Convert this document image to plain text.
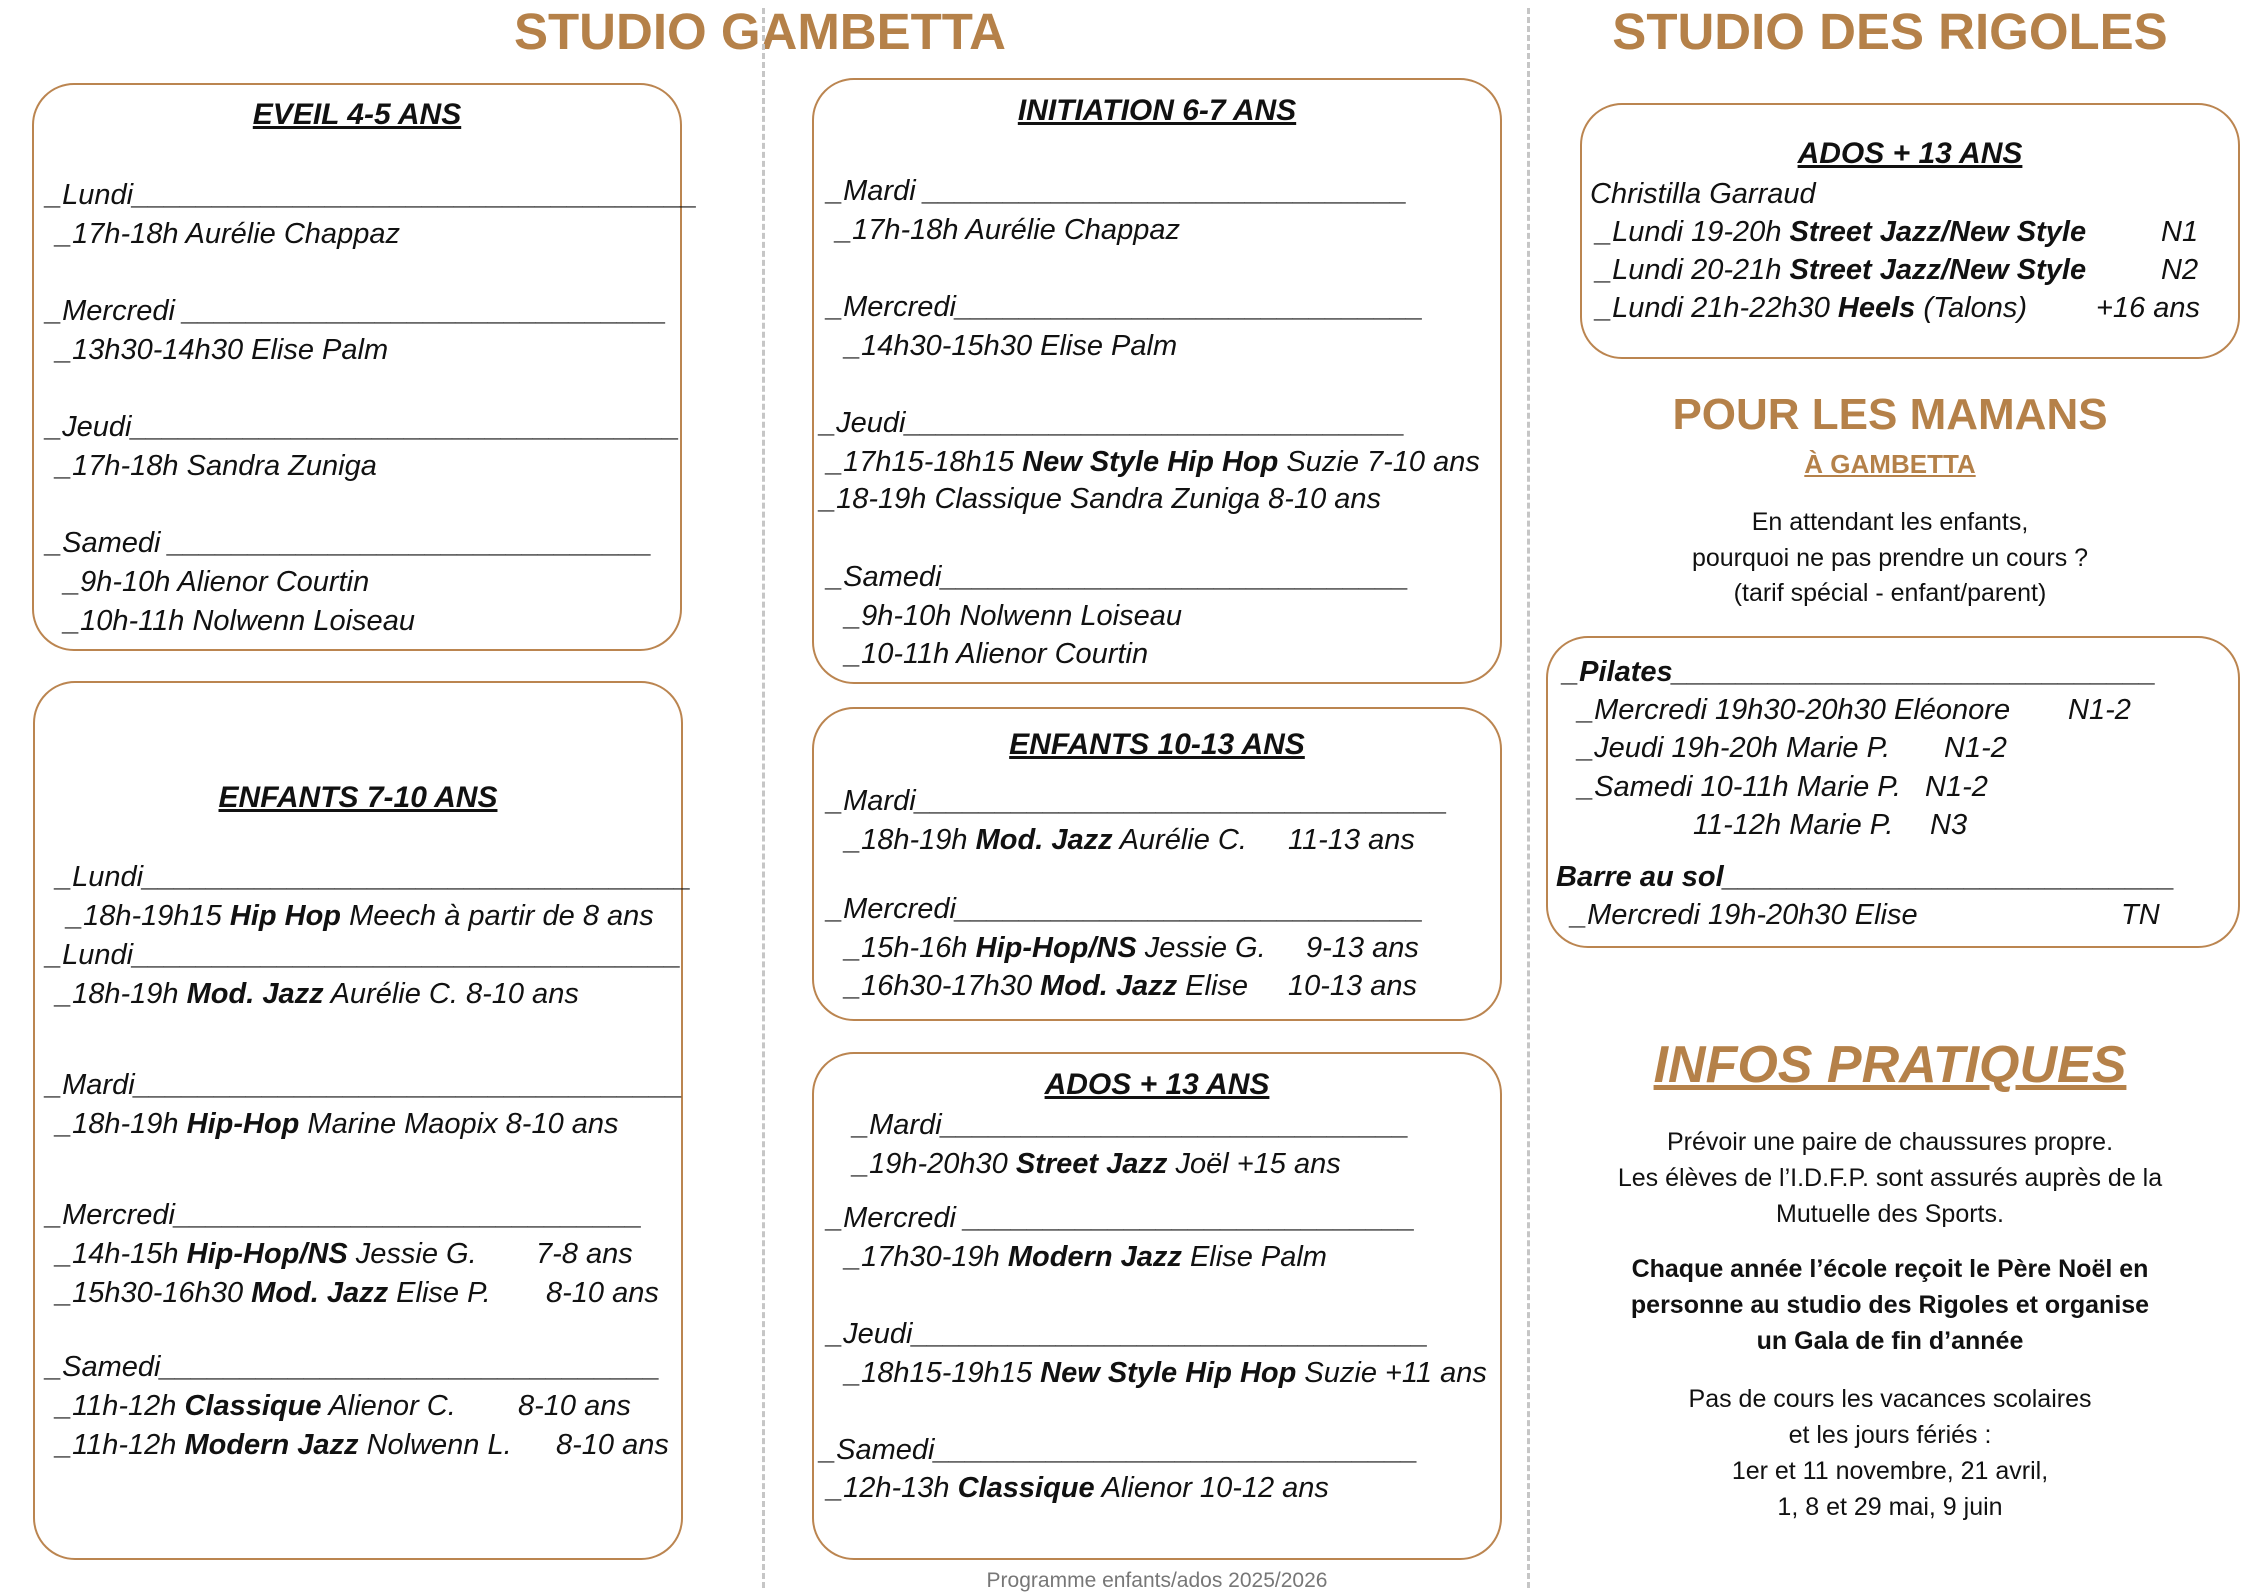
STUDIO GAMBETTA	STUDIO DES RIGOLES
EVEIL 4-5 ANS
_Lundi___________________________________
_17h-18h Aurélie Chappaz
_Mercredi ______________________________
_13h30-14h30 Elise Palm
_Jeudi__________________________________
_17h-18h Sandra Zuniga
_Samedi ______________________________
_9h-10h Alienor Courtin
_10h-11h Nolwenn Loiseau
ENFANTS 7-10 ANS
_Lundi__________________________________
_18h-19h15 Hip Hop Meech à partir de 8 ans
_Lundi__________________________________
_18h-19h Mod. Jazz Aurélie C. 8-10 ans
_Mardi__________________________________
_18h-19h Hip-Hop Marine Maopix 8-10 ans
_Mercredi_____________________________
_14h-15h Hip-Hop/NS Jessie G. 7-8 ans
_15h30-16h30 Mod. Jazz Elise P. 8-10 ans
_Samedi_______________________________
_11h-12h Classique Alienor C. 8-10 ans
_11h-12h Modern Jazz Nolwenn L. 8-10 ans
INITIATION 6-7 ANS
_Mardi ______________________________
_17h-18h Aurélie Chappaz
_Mercredi_____________________________
_14h30-15h30 Elise Palm
_Jeudi_______________________________
_17h15-18h15 New Style Hip Hop Suzie 7-10 ans
_18-19h Classique Sandra Zuniga 8-10 ans
_Samedi_____________________________
_9h-10h Nolwenn Loiseau
_10-11h Alienor Courtin
ENFANTS 10-13 ANS
_Mardi_________________________________
_18h-19h Mod. Jazz Aurélie C. 11-13 ans
_Mercredi_____________________________
_15h-16h Hip-Hop/NS Jessie G. 9-13 ans
_16h30-17h30 Mod. Jazz Elise 10-13 ans
ADOS + 13 ANS
_Mardi_____________________________
_19h-20h30 Street Jazz Joël +15 ans
_Mercredi ____________________________
_17h30-19h Modern Jazz Elise Palm
_Jeudi________________________________
_18h15-19h15 New Style Hip Hop Suzie +11 ans
_Samedi______________________________
_12h-13h Classique Alienor 10-12 ans
ADOS + 13 ANS
Christilla Garraud
_Lundi 19-20h Street Jazz/New Style	N1
_Lundi 20-21h Street Jazz/New Style	N2
_Lundi 21h-22h30 Heels (Talons) +16 ans
POUR LES MAMANS
À GAMBETTA
En attendant les enfants,
pourquoi ne pas prendre un cours ?
(tarif spécial - enfant/parent)
_Pilates______________________________
_Mercredi 19h30-20h30 Eléonore N1-2
_Jeudi 19h-20h Marie P. N1-2
_Samedi 10-11h Marie P. N1-2
11-12h Marie P. N3
Barre au sol____________________________
_Mercredi 19h-20h30 Elise	TN
INFOS PRATIQUES
Prévoir une paire de chaussures propre.
Les élèves de l’I.D.F.P. sont assurés auprès de la
Mutuelle des Sports.
Chaque année l’école reçoit le Père Noël en
personne au studio des Rigoles et organise
un Gala de fin d’année
Pas de cours les vacances scolaires
et les jours fériés :
1er et 11 novembre, 21 avril,
1, 8 et 29 mai, 9 juin
Programme enfants/ados 2025/2026
